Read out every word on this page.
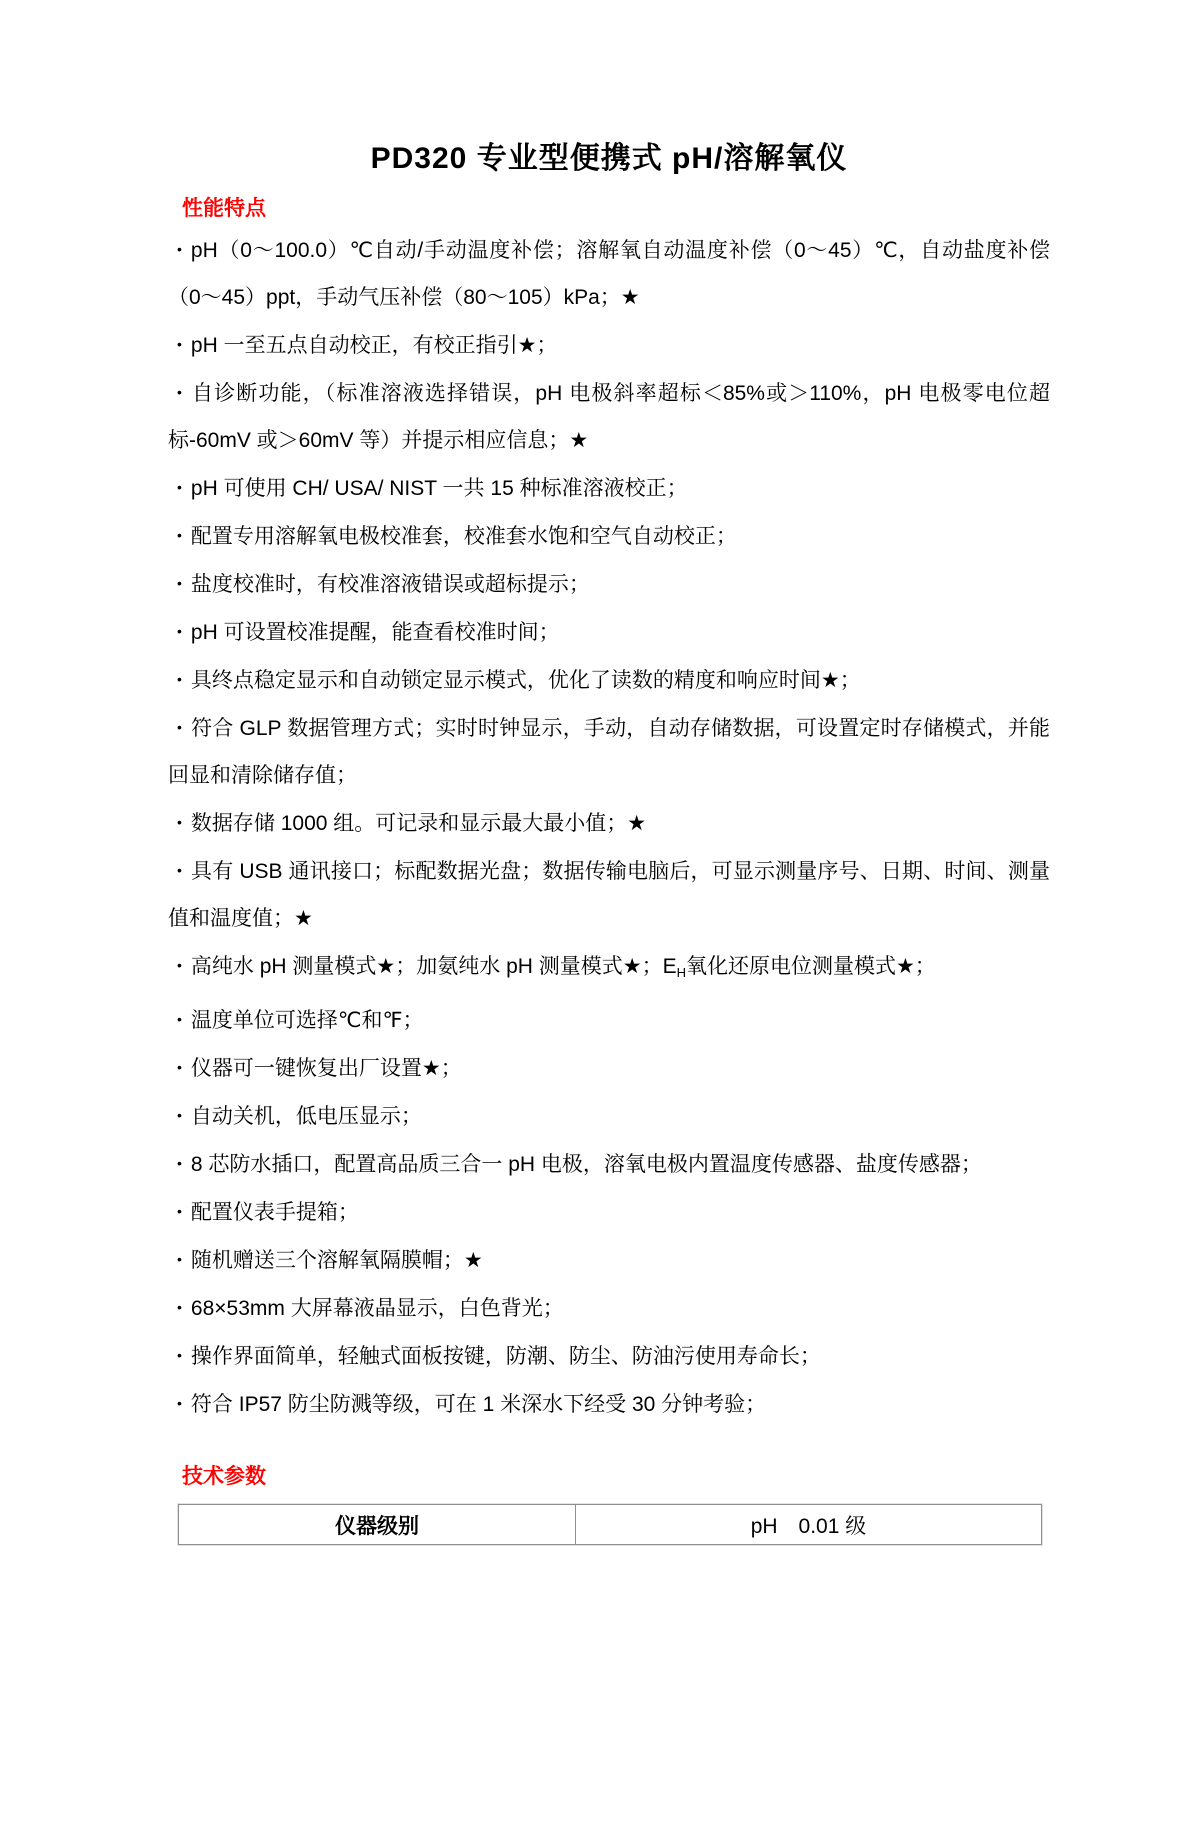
PD320 专业型便携式 pH/溶解氧仪
性能特点

• pH（0～100.0）℃自动/手动温度补偿；溶解氧自动温度补偿（0～45）℃，自动盐度补偿（0～45）ppt，手动气压补偿（80～105）kPa；★

• pH 一至五点自动校正，有校正指引★；

• 自诊断功能，（标准溶液选择错误，pH 电极斜率超标＜85%或＞110%，pH 电极零电位超标-60mV 或＞60mV 等）并提示相应信息；★

• pH 可使用 CH/ USA/ NIST 一共 15 种标准溶液校正；

• 配置专用溶解氧电极校准套，校准套水饱和空气自动校正；

• 盐度校准时，有校准溶液错误或超标提示；

• pH 可设置校准提醒，能查看校准时间；

• 具终点稳定显示和自动锁定显示模式，优化了读数的精度和响应时间★；

• 符合 GLP 数据管理方式；实时时钟显示，手动，自动存储数据，可设置定时存储模式，并能回显和清除储存值；

• 数据存储 1000 组。可记录和显示最大最小值；★

• 具有 USB 通讯接口；标配数据光盘；数据传输电脑后，可显示测量序号、日期、时间、测量值和温度值；★

• 高纯水 pH 测量模式★；加氨纯水 pH 测量模式★；EH氧化还原电位测量模式★；

• 温度单位可选择℃和℉；

• 仪器可一键恢复出厂设置★；

• 自动关机，低电压显示；

• 8 芯防水插口，配置高品质三合一 pH 电极，溶氧电极内置温度传感器、盐度传感器；

• 配置仪表手提箱；

• 随机赠送三个溶解氧隔膜帽；★

• 68×53mm 大屏幕液晶显示，白色背光；

• 操作界面简单，轻触式面板按键，防潮、防尘、防油污使用寿命长；

• 符合 IP57 防尘防溅等级，可在 1 米深水下经受 30 分钟考验；

技术参数
仪器级别	pH　0.01 级
